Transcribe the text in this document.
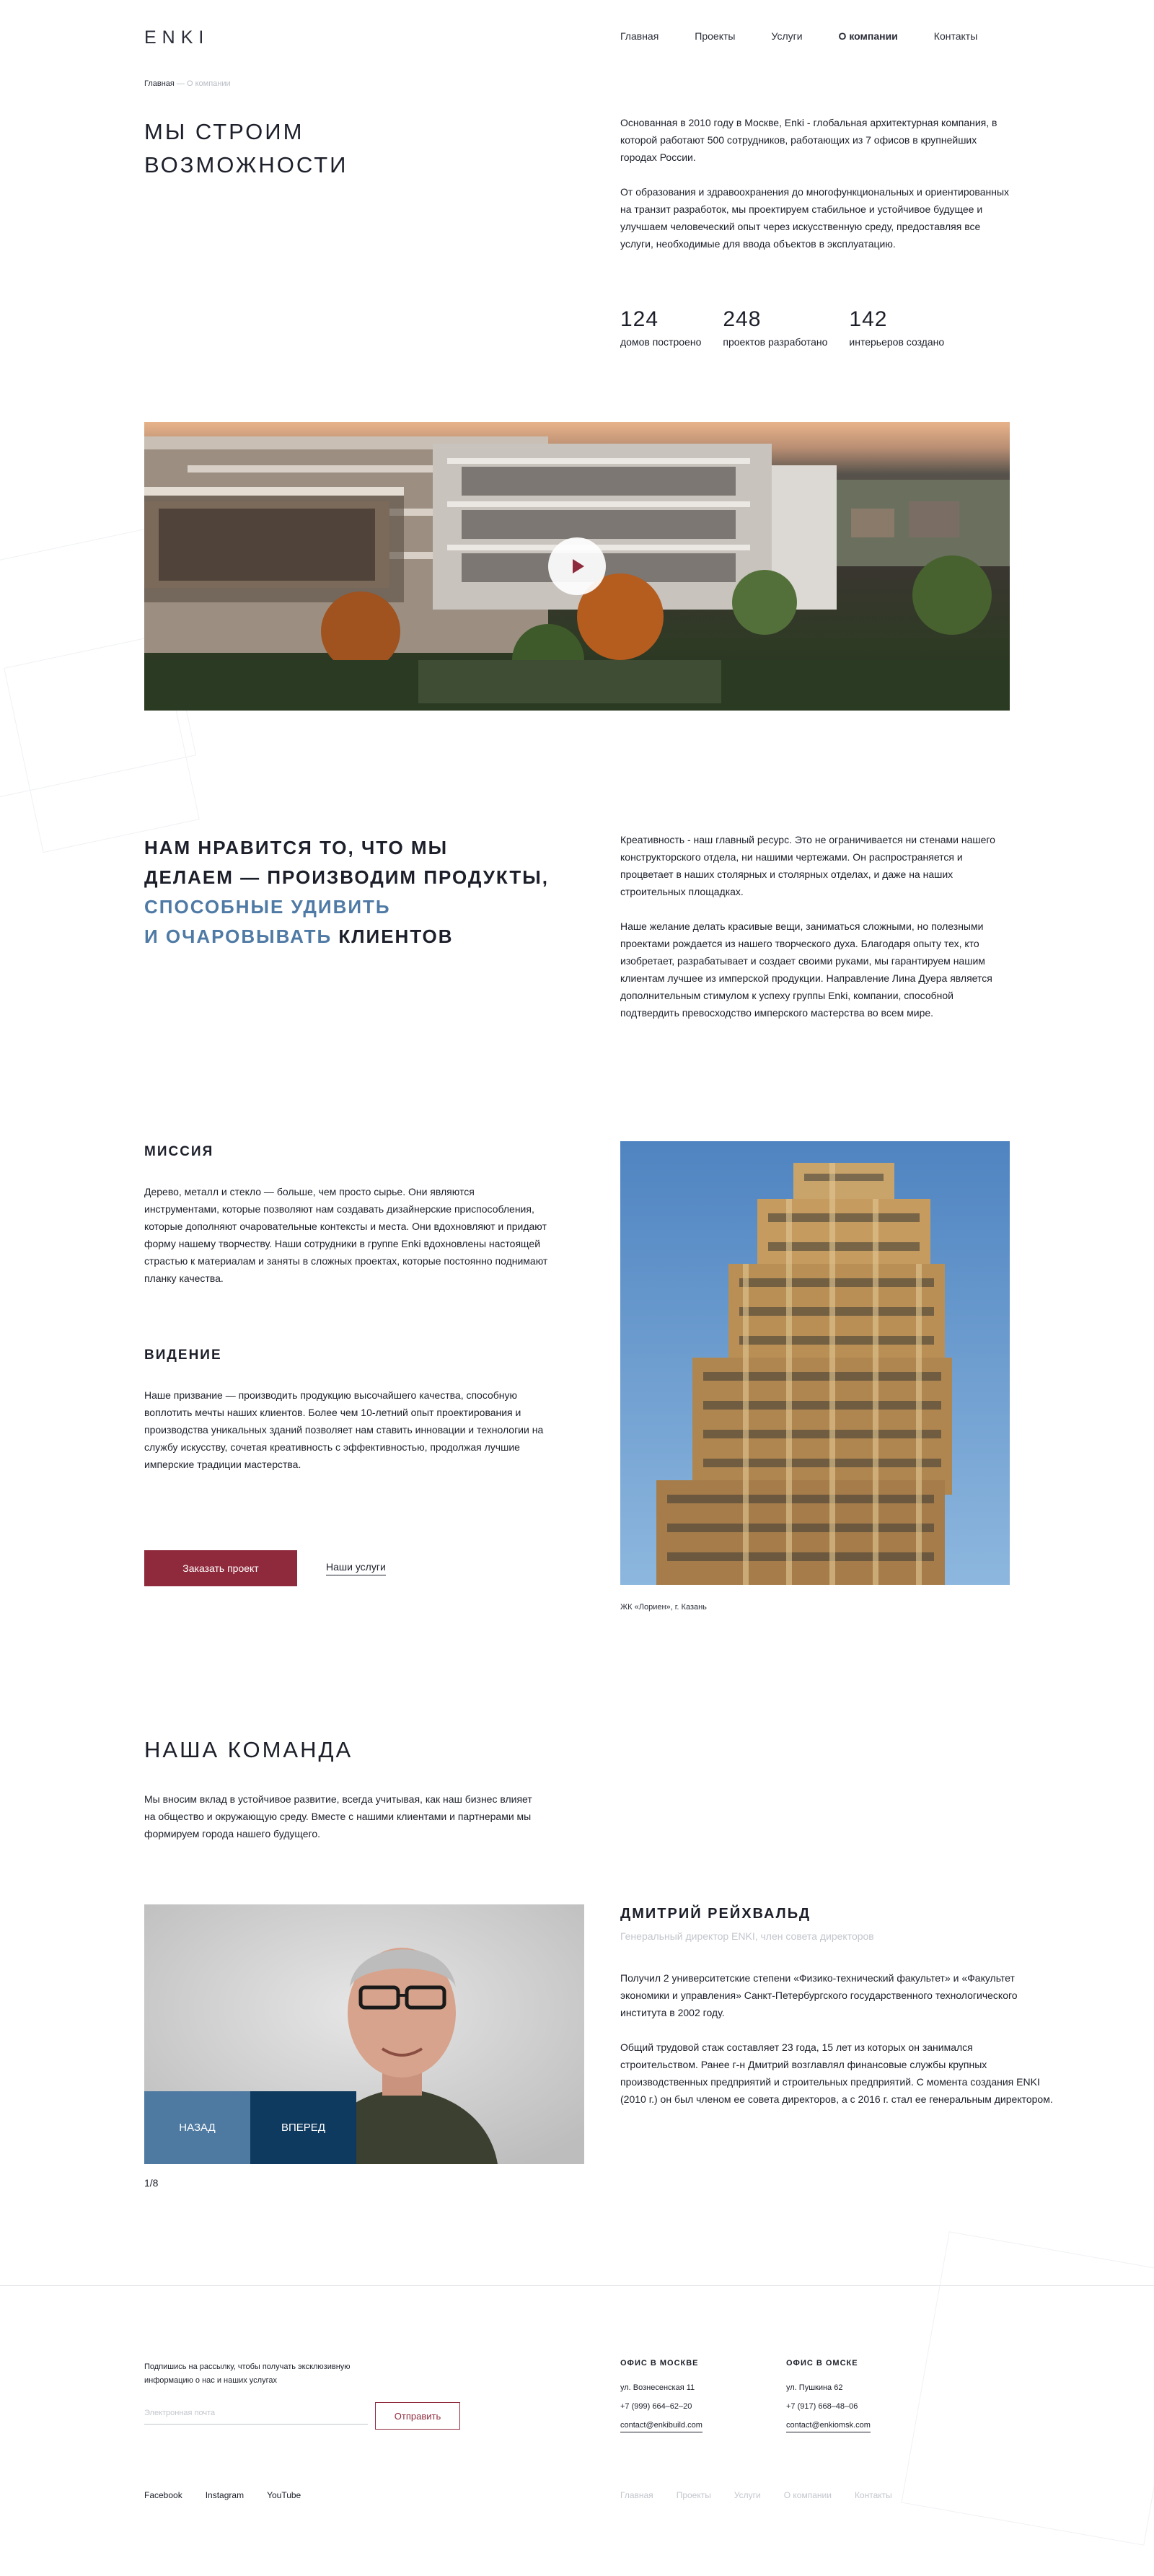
ENKI	Главная	Проекты	Услуги	О компании	Контакты
Главная — О компании
МЫ СТРОИМ
ВОЗМОЖНОСТИ

Основанная в 2010 году в Москве, Enki - глобальная архитектурная компания, в которой работают 500 сотрудников, работающих из 7 офисов в крупнейших городах России.

От образования и здравоохранения до многофункциональных и ориентированных на транзит разработок, мы проектируем стабильное и устойчивое будущее и улучшаем человеческий опыт через искусственную среду, предоставляя все услуги, необходимые для ввода объектов в эксплуатацию.

124
домов построено
248
проектов разработано
142
интерьеров создано
НАМ НРАВИТСЯ ТО, ЧТО МЫ
ДЕЛАЕМ — ПРОИЗВОДИМ ПРОДУКТЫ,
СПОСОБНЫЕ УДИВИТЬ
И ОЧАРОВЫВАТЬ КЛИЕНТОВ

Креативность - наш главный ресурс. Это не ограничивается ни стенами нашего конструкторского отдела, ни нашими чертежами. Он распространяется и процветает в наших столярных и столярных отделах, и даже на наших строительных площадках.

Наше желание делать красивые вещи, заниматься сложными, но полезными проектами рождается из нашего творческого духа. Благодаря опыту тех, кто изобретает, разрабатывает и создает своими руками, мы гарантируем нашим клиентам лучшее из имперской продукции. Направление Лина Дуера является дополнительным стимулом к успеху группы Enki, компании, способной подтвердить превосходство имперского мастерства во всем мире.

МИССИЯ

Дерево, металл и стекло — больше, чем просто сырье. Они являются инструментами, которые позволяют нам создавать дизайнерские приспособления, которые дополняют очаровательные контексты и места. Они вдохновляют и придают форму нашему творчеству. Наши сотрудники в группе Enki вдохновлены настоящей страстью к материалам и заняты в сложных проектах, которые постоянно поднимают планку качества.

ВИДЕНИЕ

Наше призвание — производить продукцию высочайшего качества, способную воплотить мечты наших клиентов. Более чем 10-летний опыт проектирования и производства уникальных зданий позволяет нам ставить инновации и технологии на службу искусству, сочетая креативность с эффективностью, продолжая лучшие имперские традиции мастерства.

Заказать проект	Наши услуги
ЖК «Лориен», г. Казань
НАША КОМАНДА

Мы вносим вклад в устойчивое развитие, всегда учитывая, как наш бизнес влияет на общество и окружающую среду. Вместе с нашими клиентами и партнерами мы формируем города нашего будущего.

НАЗАД	ВПЕРЕД
1/8
ДМИТРИЙ РЕЙХВАЛЬД
Генеральный директор ENKI, член совета директоров

Получил 2 университетские степени «Физико-технический факультет» и «Факультет экономики и управления» Санкт-Петербургского государственного технологического института в 2002 году.

Общий трудовой стаж составляет 23 года, 15 лет из которых он занимался строительством. Ранее г-н Дмитрий возглавлял финансовые службы крупных производственных предприятий и строительных предприятий. С момента создания ENKI (2010 г.) он был членом ее совета директоров, а с 2016 г. стал ее генеральным директором.

Подпишись на рассылку, чтобы получать эксклюзивную информацию о нас и наших услугах
Электронная почта
Отправить
ОФИС В МОСКВЕ
ул. Вознесенская 11
+7 (999) 664–62–20
contact@enkibuild.com
ОФИС В ОМСКЕ
ул. Пушкина 62
+7 (917) 668–48–06
contact@enkiomsk.com
Facebook	Instagram	YouTube	Главная	Проекты	Услуги	О компании	Контакты
